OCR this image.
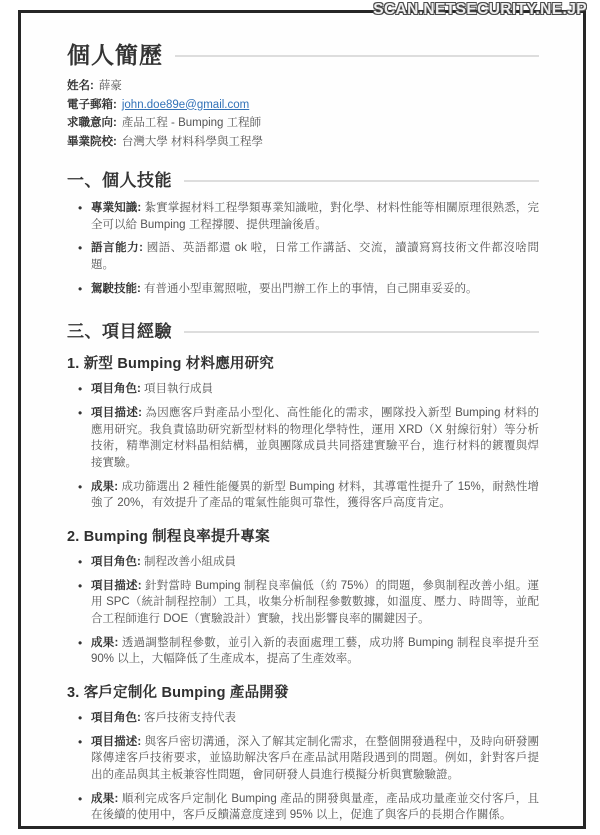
SCAN.NETSECURITY.NE.JP
個人簡歷
姓名: 薛豪
電子郵箱: john.doe89e@gmail.com
求職意向: 產品工程 - Bumping 工程師
畢業院校: 台灣大學 材料科學與工程學
一、個人技能
• 專業知識: 紮實掌握材料工程學類專業知識啦，對化學、材料性能等相關原理很熟悉，完全可以給 Bumping 工程撐腰、提供理論後盾。
• 語言能力: 國語、英語都還 ok 啦，日常工作講話、交流，讀讀寫寫技術文件都沒啥問題。
• 駕駛技能: 有普通小型車駕照啦，要出門辦工作上的事情，自己開車妥妥的。
三、項目經驗
1. 新型 Bumping 材料應用研究
• 項目角色: 項目執行成員
• 項目描述: 為因應客戶對產品小型化、高性能化的需求，團隊投入新型 Bumping 材料的應用研究。我負責協助研究新型材料的物理化學特性，運用 XRD（X 射線衍射）等分析技術，精準測定材料晶相結構，並與團隊成員共同搭建實驗平台，進行材料的鍍覆與焊接實驗。
• 成果: 成功篩選出 2 種性能優異的新型 Bumping 材料，其導電性提升了 15%，耐熱性增強了 20%，有效提升了產品的電氣性能與可靠性，獲得客戶高度肯定。
2. Bumping 制程良率提升專案
• 項目角色: 制程改善小組成員
• 項目描述: 針對當時 Bumping 制程良率偏低（約 75%）的問題，參與制程改善小組。運用 SPC（統計制程控制）工具，收集分析制程參數數據，如溫度、壓力、時間等，並配合工程師進行 DOE（實驗設計）實驗，找出影響良率的關鍵因子。
• 成果: 透過調整制程參數，並引入新的表面處理工藝，成功將 Bumping 制程良率提升至 90% 以上，大幅降低了生產成本，提高了生產效率。
3. 客戶定制化 Bumping 產品開發
• 項目角色: 客戶技術支持代表
• 項目描述: 與客戶密切溝通，深入了解其定制化需求，在整個開發過程中，及時向研發團隊傳達客戶技術要求，並協助解決客戶在產品試用階段遇到的問題。例如，針對客戶提出的產品與其主板兼容性問題，會同研發人員進行模擬分析與實驗驗證。
• 成果: 順利完成客戶定制化 Bumping 產品的開發與量產，產品成功量產並交付客戶，且在後續的使用中，客戶反饋滿意度達到 95% 以上，促進了與客戶的長期合作關係。
